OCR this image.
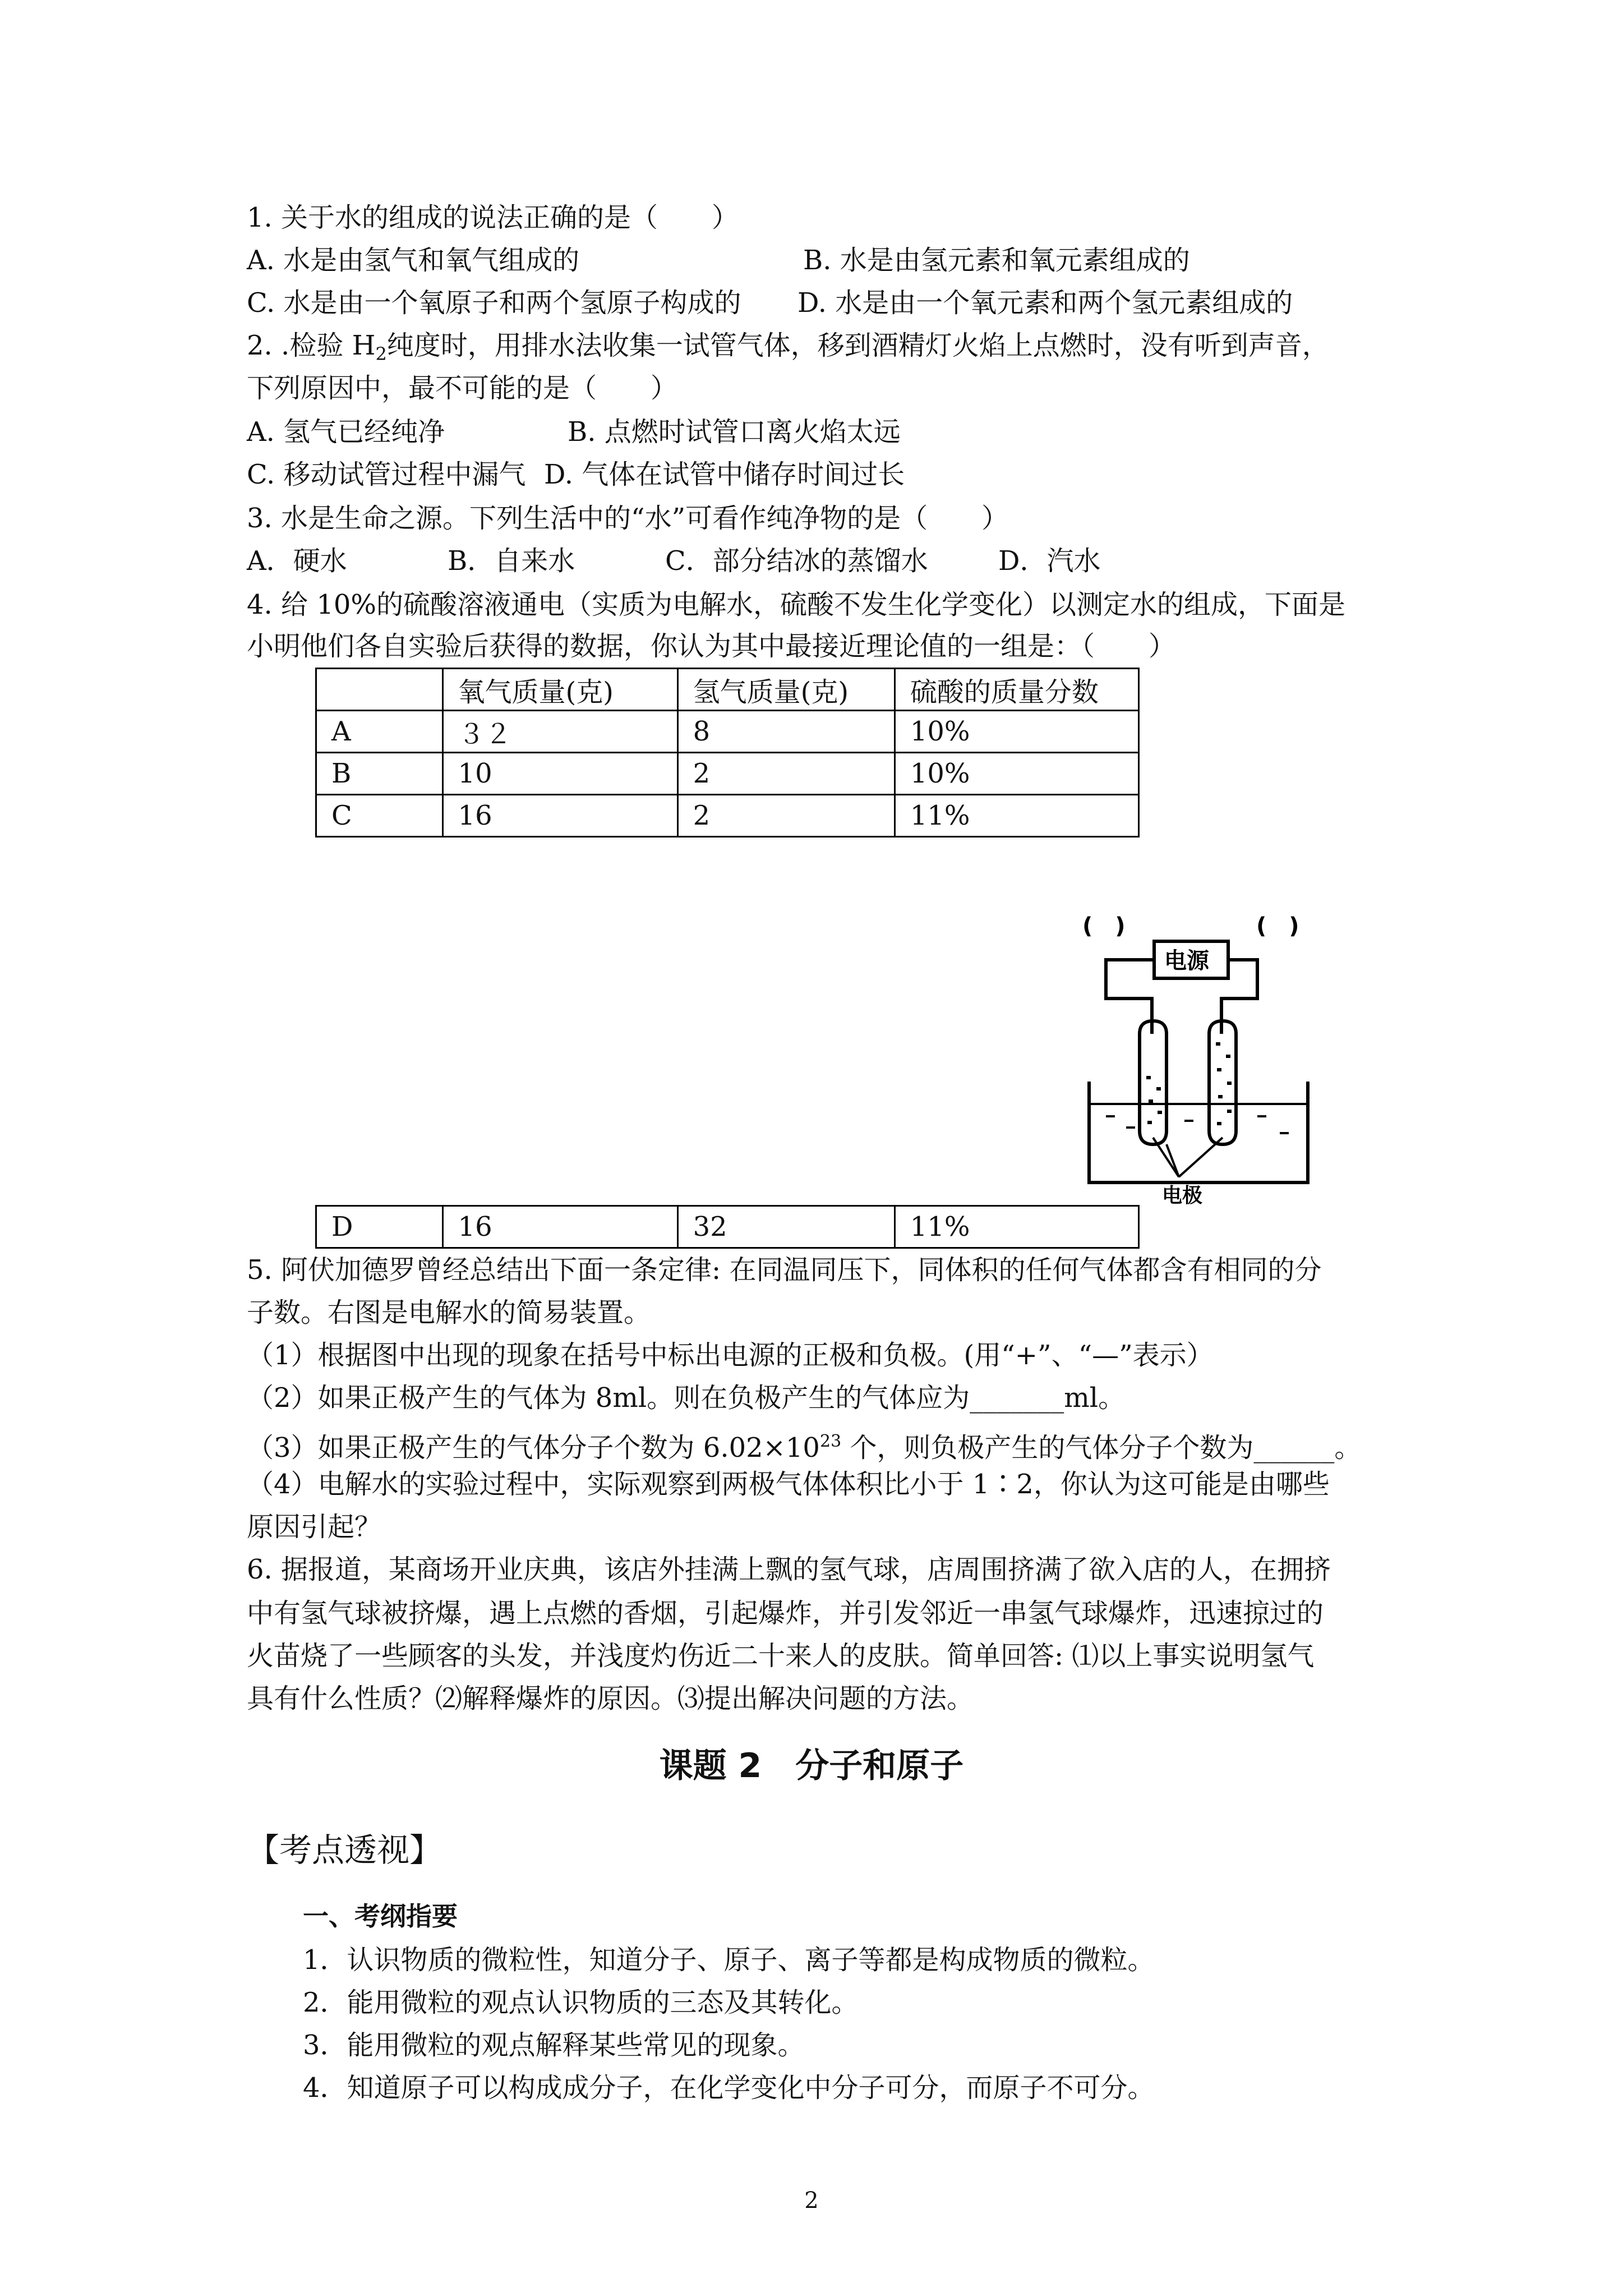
1. 关于水的组成的说法正确的是（　　）
A. 水是由氢气和氧气组成的	B. 水是由氢元素和氧元素组成的
C. 水是由一个氧原子和两个氢原子构成的 D. 水是由一个氧元素和两个氢元素组成的
2. .检验 $H_2$纯度时，用排水法收集一试管气体，移到酒精灯火焰上点燃时，没有听到声音，
下列原因中，最不可能的是（　　）
A. 氢气已经纯净	B. 点燃时试管口离火焰太远
C. 移动试管过程中漏气 D. 气体在试管中储存时间过长
3. 水是生命之源。下列生活中的“水”可看作纯净物的是（　　）
A．硬水	B．自来水	C．部分结冰的蒸馏水	D．汽水
4. 给 10%的硫酸溶液通电（实质为电解水，硫酸不发生化学变化）以测定水的组成，下面是
小明他们各自实验后获得的数据，你认为其中最接近理论值的一组是：（　　）
	氧气质量(克)	氢气质量(克)	硫酸的质量分数
A	３２	8	10%
B	10	2	10%
C	16	2	11%
(　)	(　)
电源
电极
D	16	32	11%
5. 阿伏加德罗曾经总结出下面一条定律: 在同温同压下，同体积的任何气体都含有相同的分
子数。右图是电解水的简易装置。
（1）根据图中出现的现象在括号中标出电源的正极和负极。(用“+”、“—”表示）
（2）如果正极产生的气体为 8ml。则在负极产生的气体应为_______ml。
（3）如果正极产生的气体分子个数为 $6.02\times 10^{23}$ 个，则负极产生的气体分子个数为______。
（4）电解水的实验过程中，实际观察到两极气体体积比小于 1∶2，你认为这可能是由哪些
原因引起？
6. 据报道，某商场开业庆典，该店外挂满上飘的氢气球，店周围挤满了欲入店的人，在拥挤
中有氢气球被挤爆，遇上点燃的香烟，引起爆炸，并引发邻近一串氢气球爆炸，迅速掠过的
火苗烧了一些顾客的头发，并浅度灼伤近二十来人的皮肤。简单回答: ⑴以上事实说明氢气
具有什么性质？⑵解释爆炸的原因。⑶提出解决问题的方法。
课题 2　分子和原子
【考点透视】
一、考纲指要
1．认识物质的微粒性，知道分子、原子、离子等都是构成物质的微粒。
2．能用微粒的观点认识物质的三态及其转化。
3．能用微粒的观点解释某些常见的现象。
4．知道原子可以构成成分子，在化学变化中分子可分，而原子不可分。
2
